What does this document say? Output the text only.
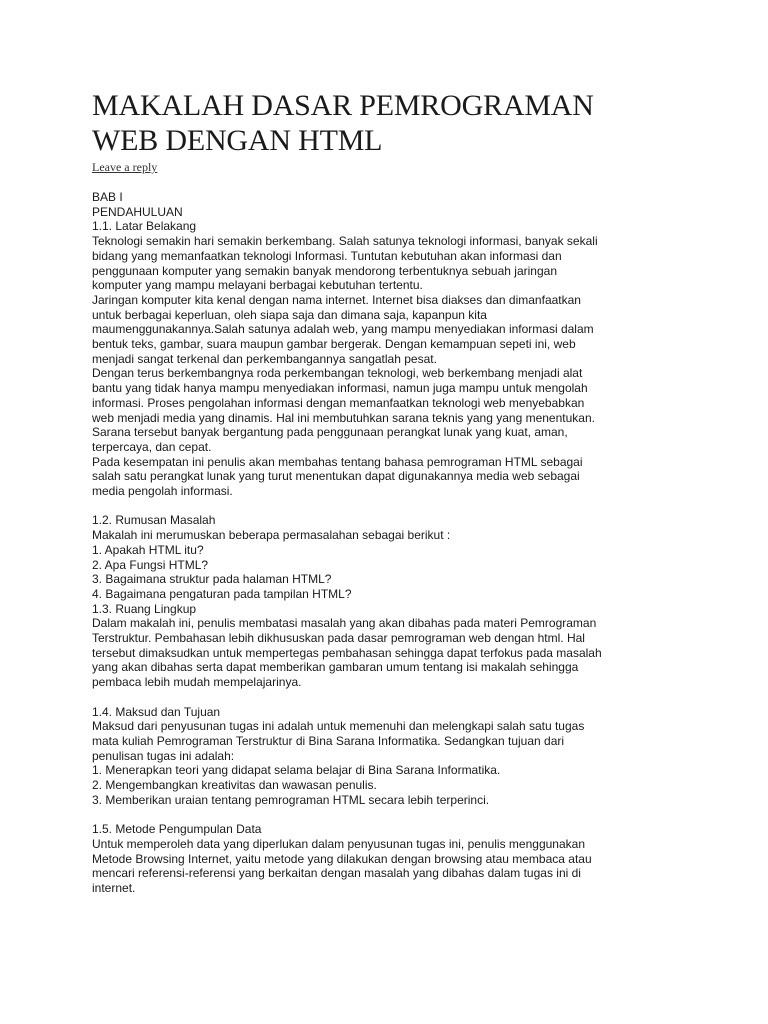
MAKALAH DASAR PEMROGRAMAN
WEB DENGAN HTML
Leave a reply
BAB I
PENDAHULUAN
1.1. Latar Belakang
Teknologi semakin hari semakin berkembang. Salah satunya teknologi informasi, banyak sekali
bidang yang memanfaatkan teknologi Informasi. Tuntutan kebutuhan akan informasi dan
penggunaan komputer yang semakin banyak mendorong terbentuknya sebuah jaringan
komputer yang mampu melayani berbagai kebutuhan tertentu.
Jaringan komputer kita kenal dengan nama internet. Internet bisa diakses dan dimanfaatkan
untuk berbagai keperluan, oleh siapa saja dan dimana saja, kapanpun kita
maumenggunakannya.Salah satunya adalah web, yang mampu menyediakan informasi dalam
bentuk teks, gambar, suara maupun gambar bergerak. Dengan kemampuan sepeti ini, web
menjadi sangat terkenal dan perkembangannya sangatlah pesat.
Dengan terus berkembangnya roda perkembangan teknologi, web berkembang menjadi alat
bantu yang tidak hanya mampu menyediakan informasi, namun juga mampu untuk mengolah
informasi. Proses pengolahan informasi dengan memanfaatkan teknologi web menyebabkan
web menjadi media yang dinamis. Hal ini membutuhkan sarana teknis yang yang menentukan.
Sarana tersebut banyak bergantung pada penggunaan perangkat lunak yang kuat, aman,
terpercaya, dan cepat.
Pada kesempatan ini penulis akan membahas tentang bahasa pemrograman HTML sebagai
salah satu perangkat lunak yang turut menentukan dapat digunakannya media web sebagai
media pengolah informasi.
1.2. Rumusan Masalah
Makalah ini merumuskan beberapa permasalahan sebagai berikut :
1. Apakah HTML itu?
2. Apa Fungsi HTML?
3. Bagaimana struktur pada halaman HTML?
4. Bagaimana pengaturan pada tampilan HTML?
1.3. Ruang Lingkup
Dalam makalah ini, penulis membatasi masalah yang akan dibahas pada materi Pemrograman
Terstruktur. Pembahasan lebih dikhususkan pada dasar pemrograman web dengan html. Hal
tersebut dimaksudkan untuk mempertegas pembahasan sehingga dapat terfokus pada masalah
yang akan dibahas serta dapat memberikan gambaran umum tentang isi makalah sehingga
pembaca lebih mudah mempelajarinya.
1.4. Maksud dan Tujuan
Maksud dari penyusunan tugas ini adalah untuk memenuhi dan melengkapi salah satu tugas
mata kuliah Pemrograman Terstruktur di Bina Sarana Informatika. Sedangkan tujuan dari
penulisan tugas ini adalah:
1. Menerapkan teori yang didapat selama belajar di Bina Sarana Informatika.
2. Mengembangkan kreativitas dan wawasan penulis.
3. Memberikan uraian tentang pemrograman HTML secara lebih terperinci.
1.5. Metode Pengumpulan Data
Untuk memperoleh data yang diperlukan dalam penyusunan tugas ini, penulis menggunakan
Metode Browsing Internet, yaitu metode yang dilakukan dengan browsing atau membaca atau
mencari referensi-referensi yang berkaitan dengan masalah yang dibahas dalam tugas ini di
internet.
